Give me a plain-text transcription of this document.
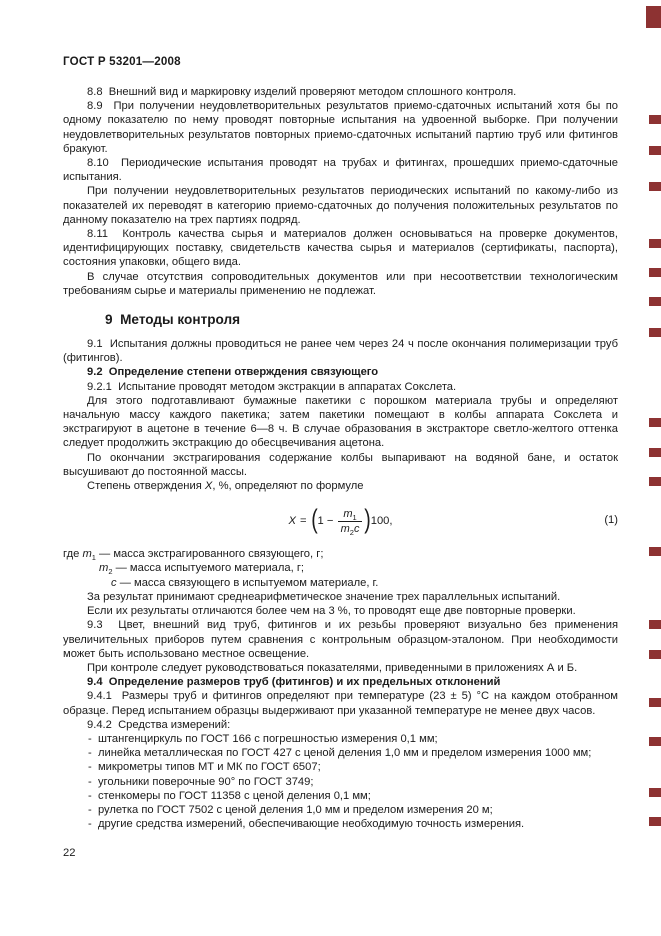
ГОСТ Р 53201—2008
8.8  Внешний вид и маркировку изделий проверяют методом сплошного контроля.
8.9  При получении неудовлетворительных результатов приемо-сдаточных испытаний хотя бы по одному показателю по нему проводят повторные испытания на удвоенной выборке. При получении неудовлетворительных результатов повторных приемо-сдаточных испытаний партию труб или фитингов бракуют.
8.10  Периодические испытания проводят на трубах и фитингах, прошедших приемо-сдаточные испытания.
При получении неудовлетворительных результатов периодических испытаний по какому-либо из показателей их переводят в категорию приемо-сдаточных до получения положительных результатов по данному показателю на трех партиях подряд.
8.11  Контроль качества сырья и материалов должен основываться на проверке документов, идентифицирующих поставку, свидетельств качества сырья и материалов (сертификаты, паспорта), состояния упаковки, общего вида.
В случае отсутствия сопроводительных документов или при несоответствии технологическим требованиям сырье и материалы применению не подлежат.
9  Методы контроля
9.1  Испытания должны проводиться не ранее чем через 24 ч после окончания полимеризации труб (фитингов).
9.2  Определение степени отверждения связующего
9.2.1  Испытание проводят методом экстракции в аппаратах Сокслета.
Для этого подготавливают бумажные пакетики с порошком материала трубы и определяют начальную массу каждого пакетика; затем пакетики помещают в колбы аппарата Сокслета и экстрагируют в ацетоне в течение 6—8 ч. В случае образования в экстракторе светло-желтого оттенка следует продолжить экстракцию до обесцвечивания ацетона.
По окончании экстрагирования содержание колбы выпаривают на водяной бане, и остаток высушивают до постоянной массы.
Степень отверждения X, %, определяют по формуле
X = ( $1 - \frac{m_1}{m_2c}$ ) 100,	(1)
где $m_1$ — масса экстрагированного связующего, г;
$m_2$ — масса испытуемого материала, г;
c — масса связующего в испытуемом материале, г.
За результат принимают среднеарифметическое значение трех параллельных испытаний.
Если их результаты отличаются более чем на 3 %, то проводят еще две повторные проверки.
9.3  Цвет, внешний вид труб, фитингов и их резьбы проверяют визуально без применения увеличительных приборов путем сравнения с контрольным образцом-эталоном. При необходимости может быть использовано местное освещение.
При контроле следует руководствоваться показателями, приведенными в приложениях А и Б.
9.4  Определение размеров труб (фитингов) и их предельных отклонений
9.4.1  Размеры труб и фитингов определяют при температуре (23 ± 5) °С на каждом отобранном образце. Перед испытанием образцы выдерживают при указанной температуре не менее двух часов.
9.4.2  Средства измерений:
-  штангенциркуль по ГОСТ 166 с погрешностью измерения 0,1 мм;
-  линейка металлическая по ГОСТ 427 с ценой деления 1,0 мм и пределом измерения 1000 мм;
-  микрометры типов МТ и МК по ГОСТ 6507;
-  угольники поверочные 90° по ГОСТ 3749;
-  стенкомеры по ГОСТ 11358 с ценой деления 0,1 мм;
-  рулетка по ГОСТ 7502 с ценой деления 1,0 мм и пределом измерения 20 м;
-  другие средства измерений, обеспечивающие необходимую точность измерения.
22
